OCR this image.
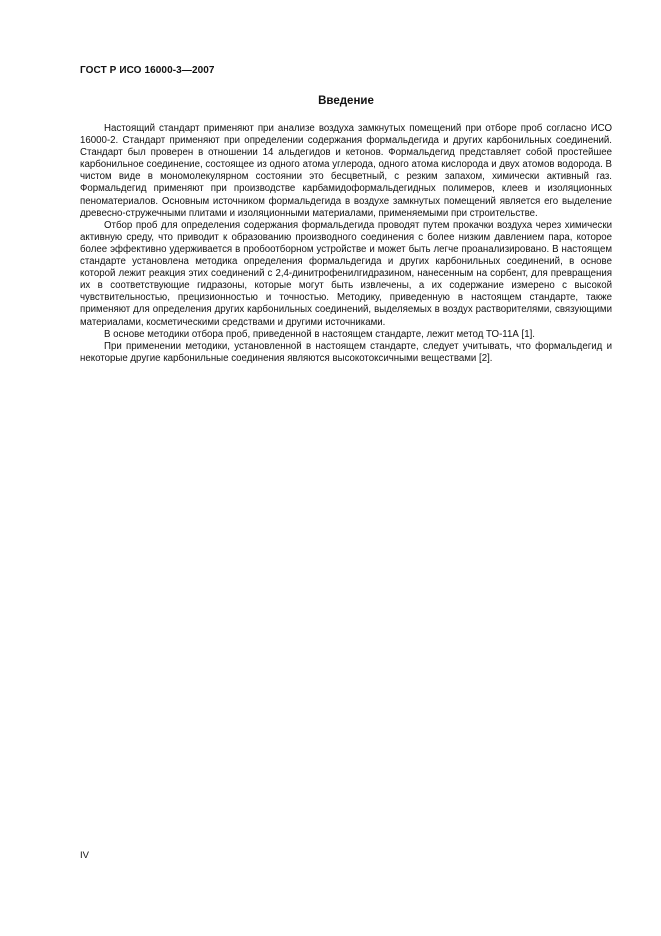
ГОСТ Р ИСО 16000-3—2007
Введение

Настоящий стандарт применяют при анализе воздуха замкнутых помещений при отборе проб согласно ИСО 16000-2. Стандарт применяют при определении содержания формальдегида и других карбонильных соединений. Стандарт был проверен в отношении 14 альдегидов и кетонов. Формальдегид представляет собой простейшее карбонильное соединение, состоящее из одного атома углерода, одного атома кислорода и двух атомов водорода. В чистом виде в мономолекулярном состоянии это бесцветный, с резким запахом, химически активный газ. Формальдегид применяют при производстве карбамидоформальдегидных полимеров, клеев и изоляционных пеноматериалов. Основным источником формальдегида в воздухе замкнутых помещений является его выделение древесно-стружечными плитами и изоляционными материалами, применяемыми при строительстве.

Отбор проб для определения содержания формальдегида проводят путем прокачки воздуха через химически активную среду, что приводит к образованию производного соединения с более низким давлением пара, которое более эффективно удерживается в пробоотборном устройстве и может быть легче проанализировано. В настоящем стандарте установлена методика определения формальдегида и других карбонильных соединений, в основе которой лежит реакция этих соединений с 2,4-динитрофенилгидразином, нанесенным на сорбент, для превращения их в соответствующие гидразоны, которые могут быть извлечены, а их содержание измерено с высокой чувствительностью, прецизионностью и точностью. Методику, приведенную в настоящем стандарте, также применяют для определения других карбонильных соединений, выделяемых в воздух растворителями, связующими материалами, косметическими средствами и другими источниками.

В основе методики отбора проб, приведенной в настоящем стандарте, лежит метод ТО-11А [1].

При применении методики, установленной в настоящем стандарте, следует учитывать, что формальдегид и некоторые другие карбонильные соединения являются высокотоксичными веществами [2].

IV
